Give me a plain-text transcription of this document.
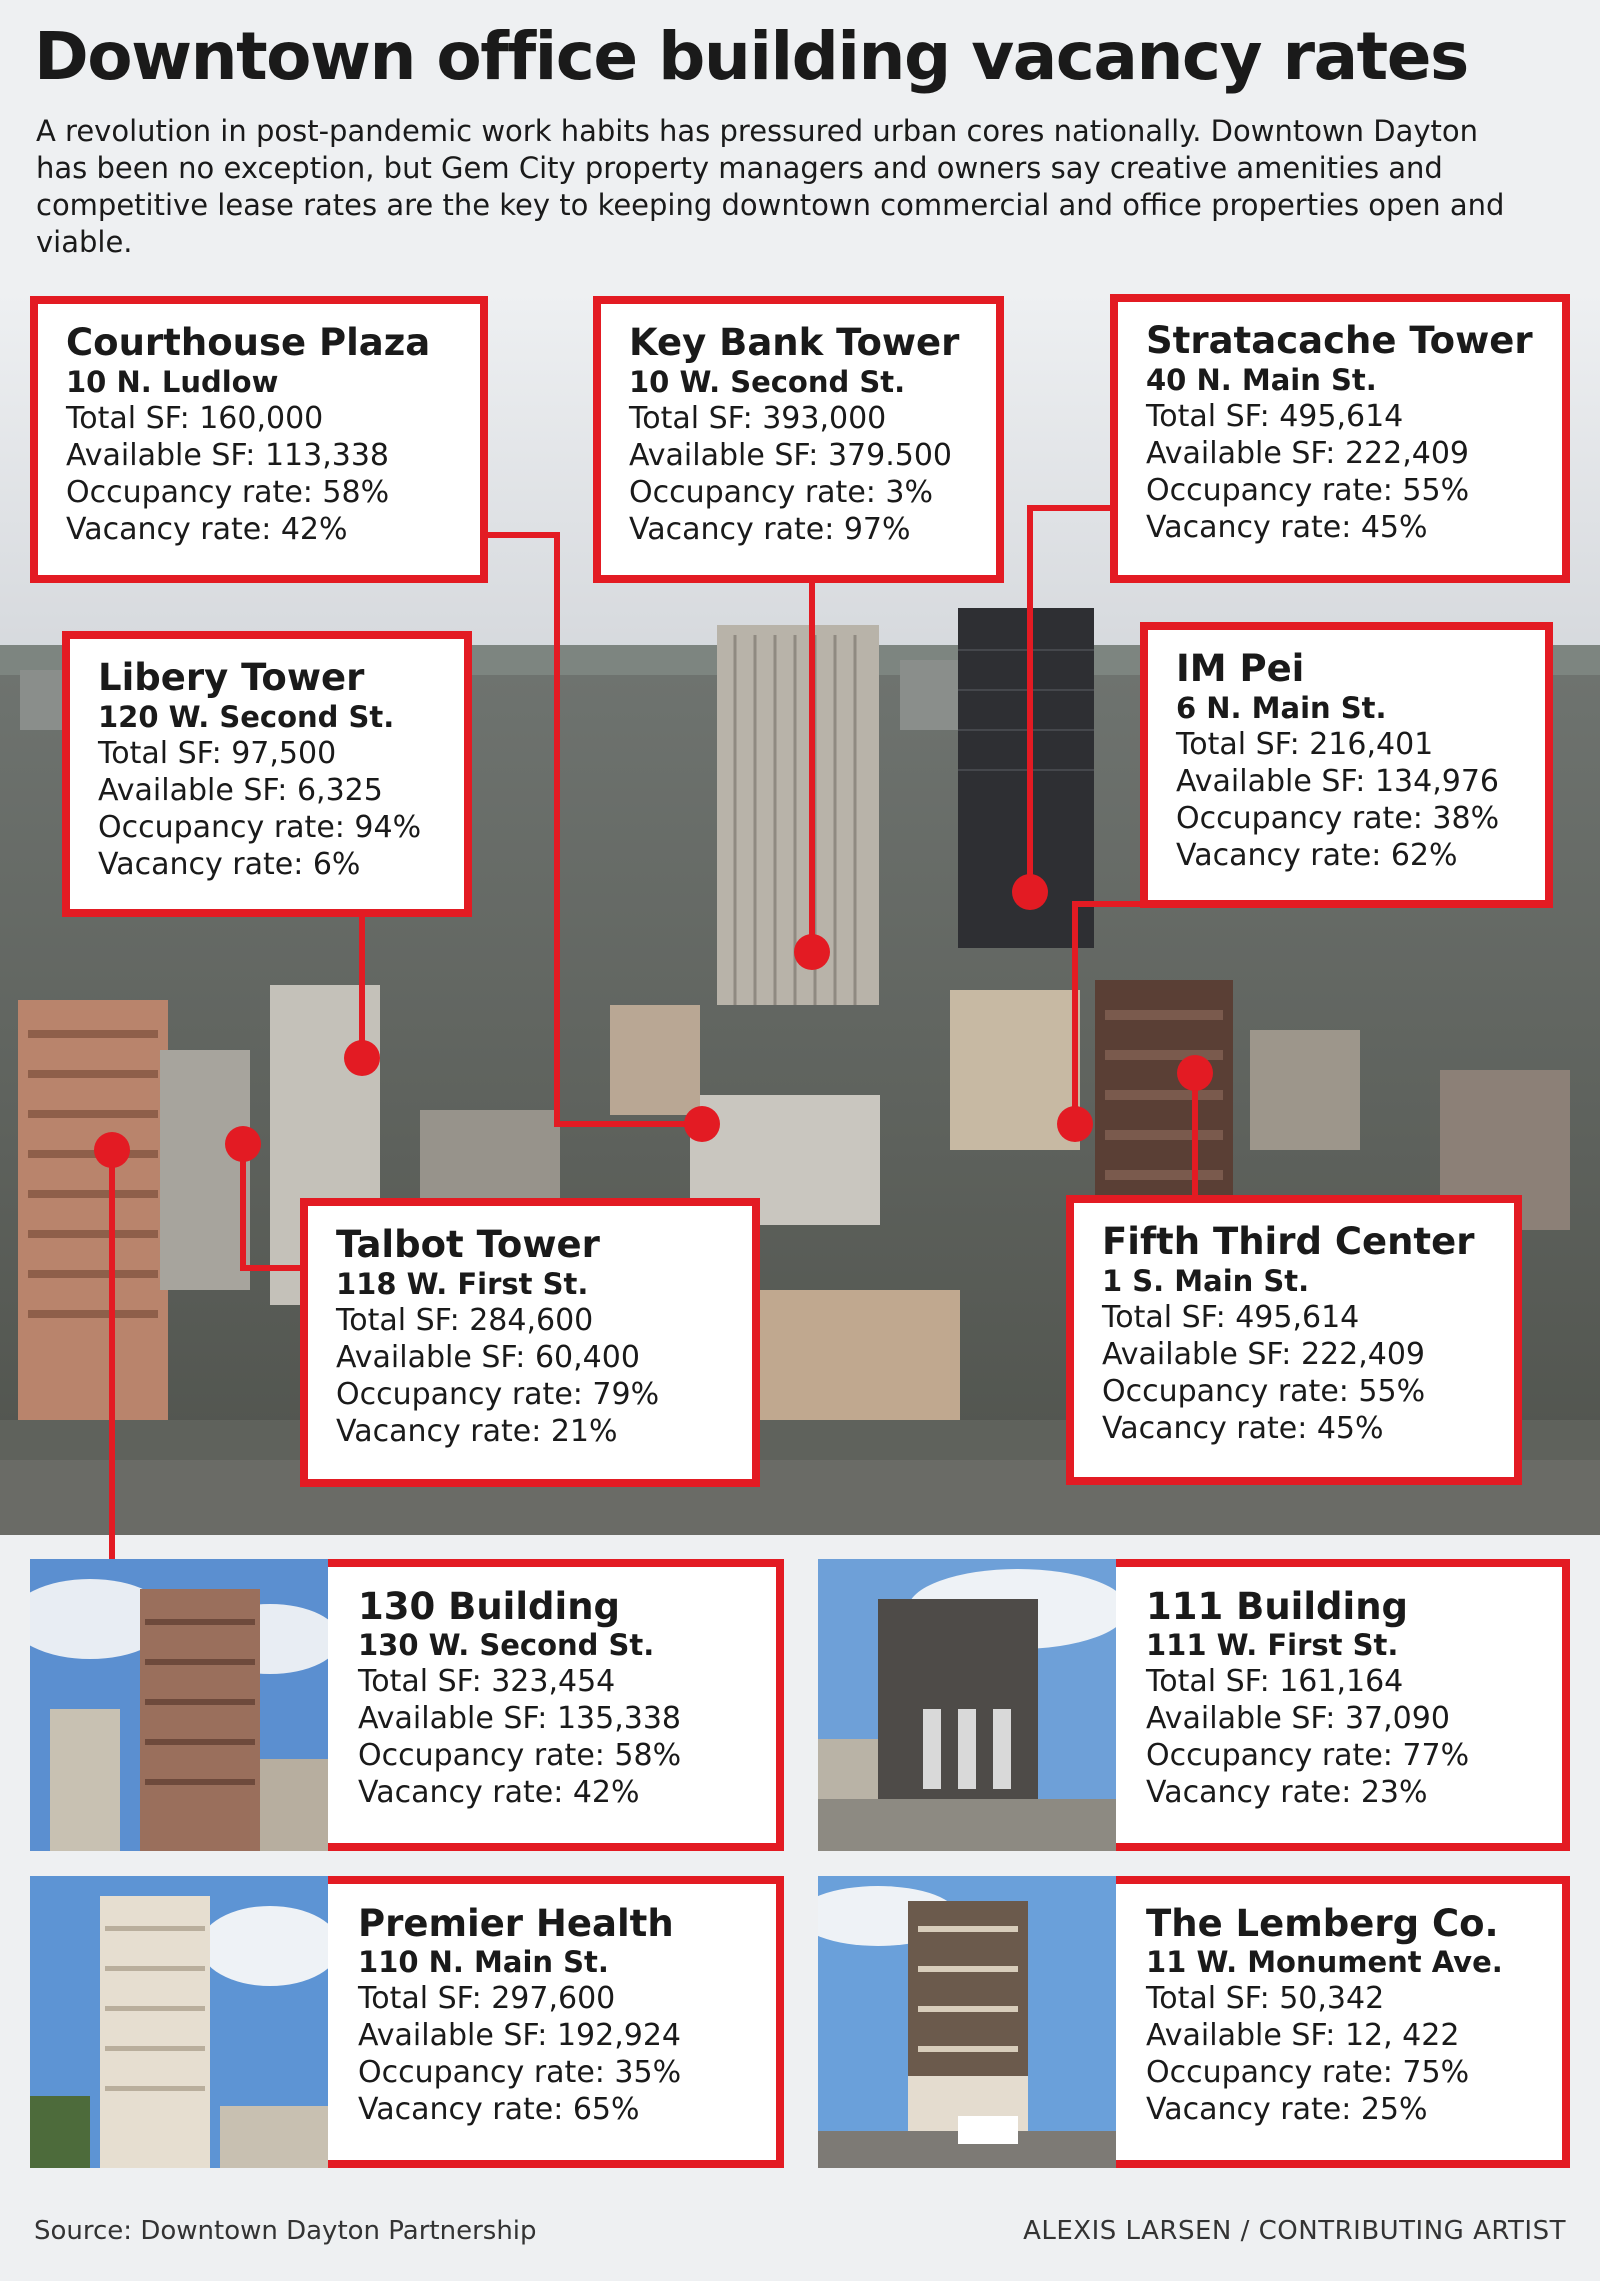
Downtown office building vacancy rates

A revolution in post-pandemic work habits has pressured urban cores nationally. Downtown Dayton has been no exception, but Gem City property managers and owners say creative amenities and competitive lease rates are the key to keeping downtown commercial and office properties open and viable.

Courthouse Plaza
10 N. Ludlow
Total SF: 160,000
Available SF: 113,338
Occupancy rate: 58%
Vacancy rate: 42%
Key Bank Tower
10 W. Second St.
Total SF: 393,000
Available SF: 379.500
Occupancy rate: 3%
Vacancy rate: 97%
Stratacache Tower
40 N. Main St.
Total SF: 495,614
Available SF: 222,409
Occupancy rate: 55%
Vacancy rate: 45%
Libery Tower
120 W. Second St.
Total SF: 97,500
Available SF: 6,325
Occupancy rate: 94%
Vacancy rate: 6%
IM Pei
6 N. Main St.
Total SF: 216,401
Available SF: 134,976
Occupancy rate: 38%
Vacancy rate: 62%
Talbot Tower
118 W. First St.
Total SF: 284,600
Available SF: 60,400
Occupancy rate: 79%
Vacancy rate: 21%
Fifth Third Center
1 S. Main St.
Total SF: 495,614
Available SF: 222,409
Occupancy rate: 55%
Vacancy rate: 45%
130 Building
130 W. Second St.
Total SF: 323,454
Available SF: 135,338
Occupancy rate: 58%
Vacancy rate: 42%
111 Building
111 W. First St.
Total SF: 161,164
Available SF: 37,090
Occupancy rate: 77%
Vacancy rate: 23%
Premier Health
110 N. Main St.
Total SF: 297,600
Available SF: 192,924
Occupancy rate: 35%
Vacancy rate: 65%
The Lemberg Co.
11 W. Monument Ave.
Total SF: 50,342
Available SF: 12, 422
Occupancy rate: 75%
Vacancy rate: 25%
Source: Downtown Dayton Partnership	ALEXIS LARSEN / CONTRIBUTING ARTIST
